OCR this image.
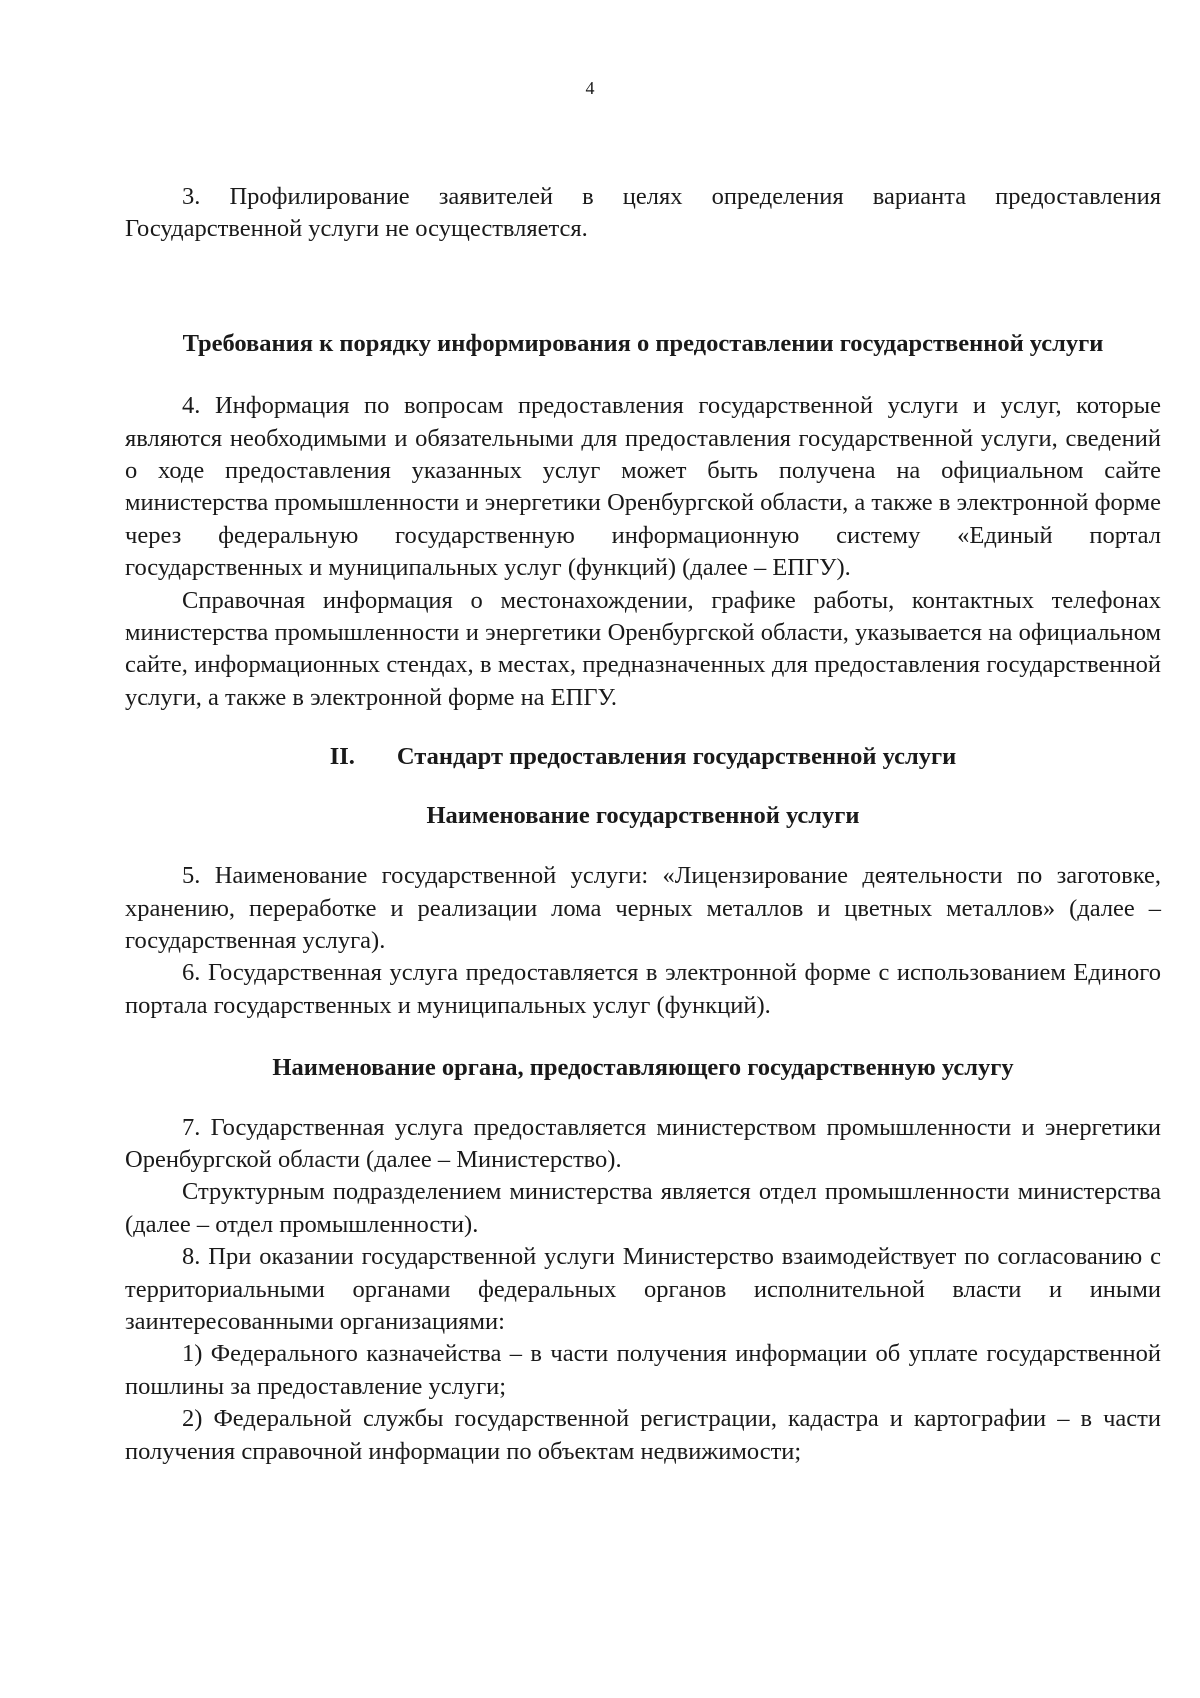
4

3. Профилирование заявителей в целях определения варианта предоставления Государственной услуги не осуществляется.

Требования к порядку информирования о предоставлении государственной услуги

4. Информация по вопросам предоставления государственной услуги и услуг, которые являются необходимыми и обязательными для предоставления государственной услуги, сведений о ходе предоставления указанных услуг может быть получена на официальном сайте министерства промышленности и энергетики Оренбургской области, а также в электронной форме через федеральную государственную информационную систему «Единый портал государственных и муниципальных услуг (функций) (далее – ЕПГУ).

Справочная информация о местонахождении, графике работы, контактных телефонах министерства промышленности и энергетики Оренбургской области, указывается на официальном сайте, информационных стендах, в местах, предназначенных для предоставления государственной услуги, а также в электронной форме на ЕПГУ.

II. Стандарт предоставления государственной услуги
Наименование государственной услуги

5. Наименование государственной услуги: «Лицензирование деятельности по заготовке, хранению, переработке и реализации лома черных металлов и цветных металлов» (далее – государственная услуга).

6. Государственная услуга предоставляется в электронной форме с использованием Единого портала государственных и муниципальных услуг (функций).

Наименование органа, предоставляющего государственную услугу

7. Государственная услуга предоставляется министерством промышленности и энергетики Оренбургской области (далее – Министерство).

Структурным подразделением министерства является отдел промышленности министерства (далее – отдел промышленности).

8. При оказании государственной услуги Министерство взаимодействует по согласованию с территориальными органами федеральных органов исполнительной власти и иными заинтересованными организациями:

1) Федерального казначейства – в части получения информации об уплате государственной пошлины за предоставление услуги;

2) Федеральной службы государственной регистрации, кадастра и картографии – в части получения справочной информации по объектам недвижимости;
